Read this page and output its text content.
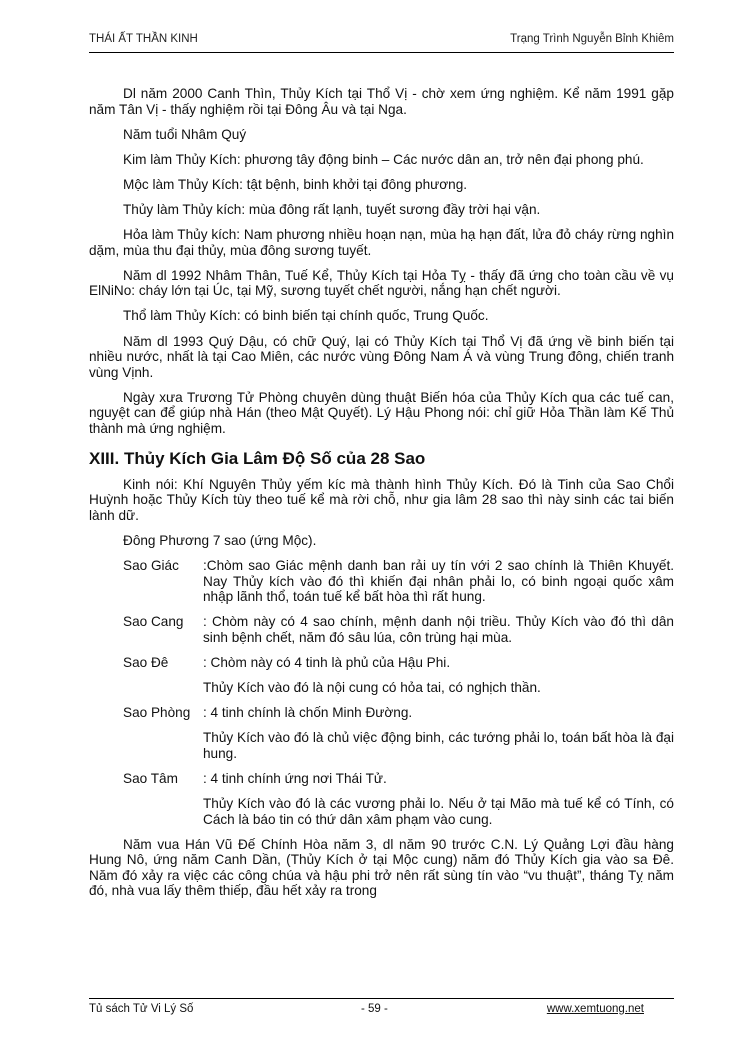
THÁI ẤT THẦN KINH	Trạng Trình Nguyễn Bỉnh Khiêm

Dl năm 2000 Canh Thìn, Thủy Kích tại Thổ Vị - chờ xem ứng nghiệm. Kể năm 1991 gặp năm Tân Vị - thấy nghiệm rồi tại Đông Âu và tại Nga.

Năm tuổi Nhâm Quý

Kim làm Thủy Kích: phương tây động binh – Các nước dân an, trở nên đại phong phú.

Mộc làm Thủy Kích: tật bệnh, binh khởi tại đông phương.

Thủy làm Thủy kích: mùa đông rất lạnh, tuyết sương đầy trời hại vận.

Hỏa làm Thủy kích: Nam phương nhiều hoạn nạn, mùa hạ hạn đất, lửa đỏ cháy rừng nghìn dặm, mùa thu đại thủy, mùa đông sương tuyết.

Năm dl 1992 Nhâm Thân, Tuế Kể, Thủy Kích tại Hỏa Tỵ - thấy đã ứng cho toàn cầu về vụ ElNiNo: cháy lớn tại Úc, tại Mỹ, sương tuyết chết người, nắng hạn chết người.

Thổ làm Thủy Kích: có binh biến tại chính quốc, Trung Quốc.

Năm dl 1993 Quý Dậu, có chữ Quý, lại có Thủy Kích tại Thổ Vị đã ứng về binh biến tại nhiều nước, nhất là tại Cao Miên, các nước vùng Đông Nam Á và vùng Trung đông, chiến tranh vùng Vịnh.

Ngày xưa Trương Tử Phòng chuyên dùng thuật Biến hóa của Thủy Kích qua các tuế can, nguyệt can để giúp nhà Hán (theo Mật Quyết). Lý Hậu Phong nói: chỉ giữ Hỏa Thần làm Kế Thủ thành mà ứng nghiệm.

XIII. Thủy Kích Gia Lâm Độ Số của 28 Sao

Kinh nói: Khí Nguyên Thủy yếm kíc mà thành hình Thủy Kích. Đó là Tinh của Sao Chổi Huỳnh hoặc Thủy Kích tùy theo tuế kể mà rời chỗ, như gia lâm 28 sao thì này sinh các tai biến lành dữ.

Đông Phương 7 sao (ứng Mộc).

Sao Giác	:Chòm sao Giác mệnh danh ban rải uy tín với 2 sao chính là Thiên Khuyết. Nay Thủy kích vào đó thì khiến đại nhân phải lo, có binh ngoại quốc xâm nhập lãnh thổ, toán tuế kể bất hòa thì rất hung.
Sao Cang	: Chòm này có 4 sao chính, mệnh danh nội triều. Thủy Kích vào đó thì dân sinh bệnh chết, năm đó sâu lúa, côn trùng hại mùa.
Sao Đê	: Chòm này có 4 tinh là phủ của Hậu Phi.

Thủy Kích vào đó là nội cung có hỏa tai, có nghịch thần.

Sao Phòng : 4 tinh chính là chốn Minh Đường.

Thủy Kích vào đó là chủ việc động binh, các tướng phải lo, toán bất hòa là đại hung.

Sao Tâm	: 4 tinh chính ứng nơi Thái Tử.

Thủy Kích vào đó là các vương phải lo. Nếu ở tại Mão mà tuế kể có Tính, có Cách là báo tin có thứ dân xâm phạm vào cung.

Năm vua Hán Vũ Đế Chính Hòa năm 3, dl năm 90 trước C.N. Lý Quảng Lợi đầu hàng Hung Nô, ứng năm Canh Dần, (Thủy Kích ở tại Mộc cung) năm đó Thủy Kích gia vào sa Đê. Năm đó xảy ra việc các công chúa và hậu phi trở nên rất sùng tín vào “vu thuật”, tháng Tỵ năm đó, nhà vua lấy thêm thiếp, đầu hết xảy ra trong

Tủ sách Tử Vi Lý Số	- 59 -	www.xemtuong.net
